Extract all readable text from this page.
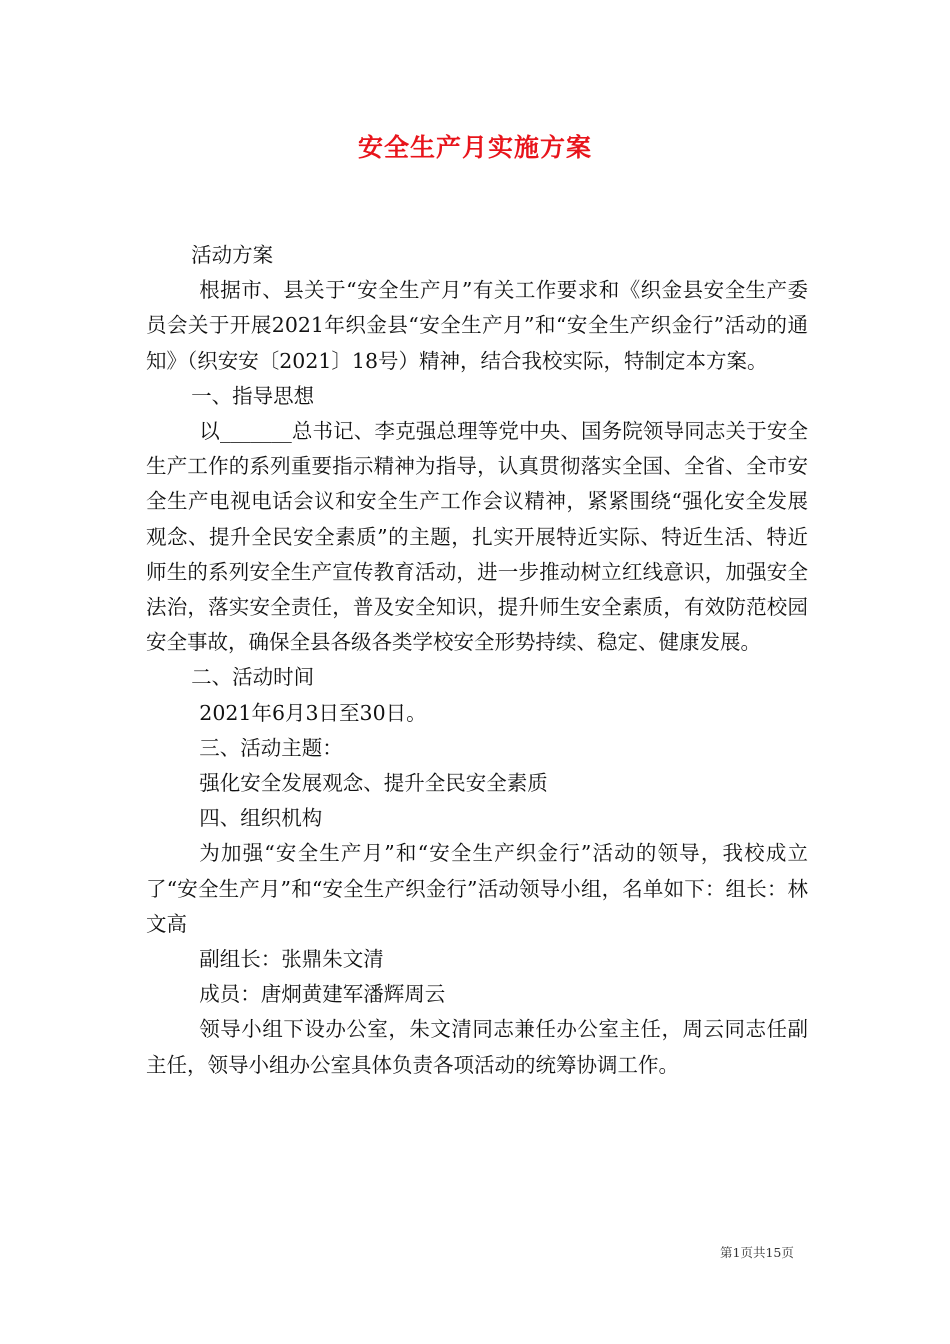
安全生产月实施方案

活动方案

根据市、县关于“安全生产月”有关工作要求和《织金县安全生产委员会关于开展2021年织金县“安全生产月”和“安全生产织金行”活动的通知》（织安安〔2021〕18号）精神，结合我校实际，特制定本方案。

一、指导思想

以_______总书记、李克强总理等党中央、国务院领导同志关于安全生产工作的系列重要指示精神为指导，认真贯彻落实全国、全省、全市安全生产电视电话会议和安全生产工作会议精神，紧紧围绕“强化安全发展观念、提升全民安全素质”的主题，扎实开展特近实际、特近生活、特近师生的系列安全生产宣传教育活动，进一步推动树立红线意识，加强安全法治，落实安全责任，普及安全知识，提升师生安全素质，有效防范校园安全事故，确保全县各级各类学校安全形势持续、稳定、健康发展。

二、活动时间

2021年6月3日至30日。

三、活动主题：

强化安全发展观念、提升全民安全素质

四、组织机构

为加强“安全生产月”和“安全生产织金行”活动的领导，我校成立了“安全生产月”和“安全生产织金行”活动领导小组，名单如下：组长：林文高

副组长：张鼎朱文清

成员：唐炯黄建军潘辉周云

领导小组下设办公室，朱文清同志兼任办公室主任，周云同志任副主任，领导小组办公室具体负责各项活动的统筹协调工作。

第1页共15页
